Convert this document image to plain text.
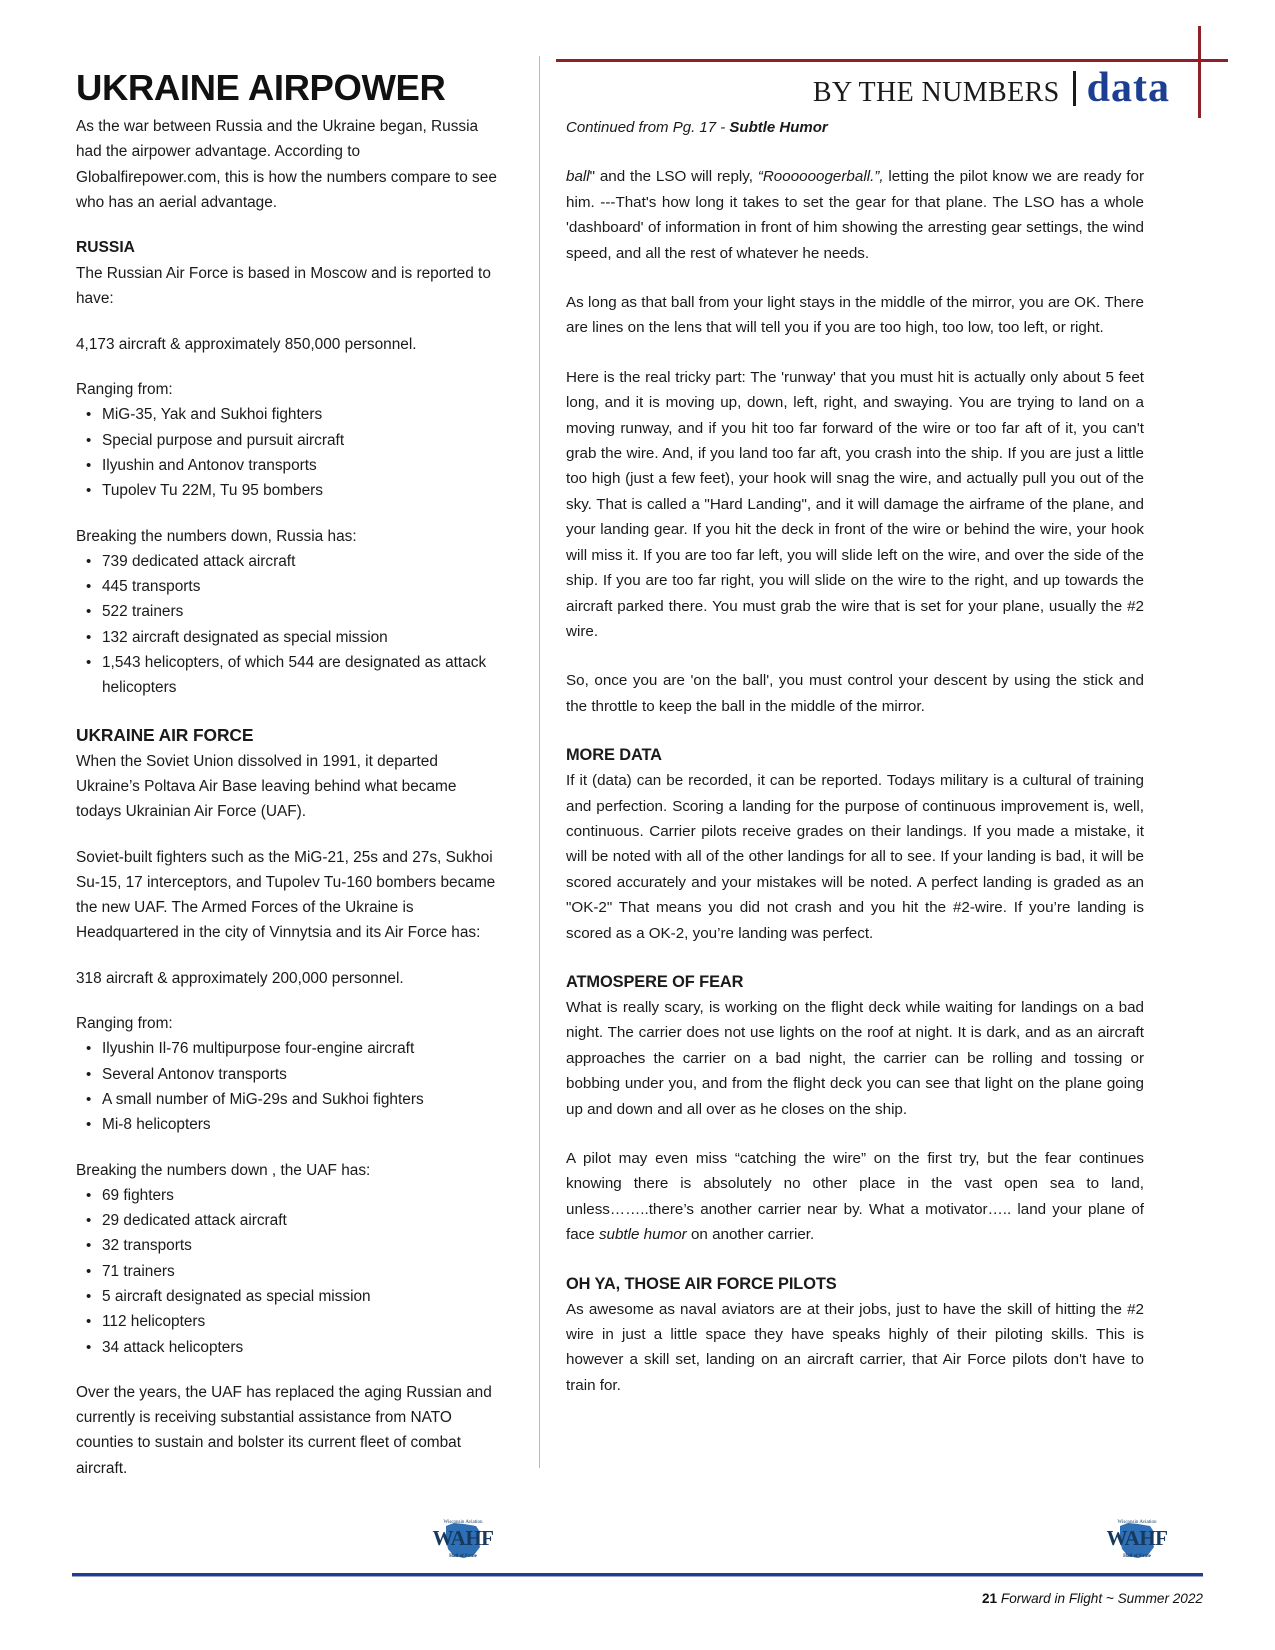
BY THE NUMBERS data
UKRAINE AIRPOWER

As the war between Russia and the Ukraine began, Russia had the airpower advantage. According to Globalfirepower.com, this is how the numbers compare to see who has an aerial advantage.

RUSSIA

The Russian Air Force is based in Moscow and is reported to have:

4,173 aircraft & approximately 850,000 personnel.

Ranging from:

• MiG-35, Yak and Sukhoi fighters
• Special purpose and pursuit aircraft
• Ilyushin and Antonov transports
• Tupolev Tu 22M, Tu 95 bombers

Breaking the numbers down, Russia has:

• 739 dedicated attack aircraft
• 445 transports
• 522 trainers
• 132 aircraft designated as special mission
• 1,543 helicopters, of which 544 are designated as attack helicopters

UKRAINE AIR FORCE

When the Soviet Union dissolved in 1991, it departed Ukraine’s Poltava Air Base leaving behind what became todays Ukrainian Air Force (UAF).

Soviet-built fighters such as the MiG-21, 25s and 27s, Sukhoi Su-15, 17 interceptors, and Tupolev Tu-160 bombers became the new UAF. The Armed Forces of the Ukraine is Headquartered in the city of Vinnytsia and its Air Force has:

318 aircraft & approximately 200,000 personnel.

Ranging from:

• Ilyushin Il-76 multipurpose four-engine aircraft
• Several Antonov transports
• A small number of MiG-29s and Sukhoi fighters
• Mi-8 helicopters

Breaking the numbers down , the UAF has:

• 69 fighters
• 29 dedicated attack aircraft
• 32 transports
• 71 trainers
• 5 aircraft designated as special mission
• 112 helicopters
• 34 attack helicopters

Over the years, the UAF has replaced the aging Russian and currently is receiving substantial assistance from NATO counties to sustain and bolster its current fleet of combat aircraft.

Continued from Pg. 17 - Subtle Humor

ball" and the LSO will reply, “Roooooogerball.”, letting the pilot know we are ready for him. ---That's how long it takes to set the gear for that plane. The LSO has a whole 'dashboard' of information in front of him showing the arresting gear settings, the wind speed, and all the rest of whatever he needs.

As long as that ball from your light stays in the middle of the mirror, you are OK. There are lines on the lens that will tell you if you are too high, too low, too left, or right.

Here is the real tricky part: The 'runway' that you must hit is actually only about 5 feet long, and it is moving up, down, left, right, and swaying. You are trying to land on a moving runway, and if you hit too far forward of the wire or too far aft of it, you can't grab the wire. And, if you land too far aft, you crash into the ship. If you are just a little too high (just a few feet), your hook will snag the wire, and actually pull you out of the sky. That is called a "Hard Landing", and it will damage the airframe of the plane, and your landing gear. If you hit the deck in front of the wire or behind the wire, your hook will miss it. If you are too far left, you will slide left on the wire, and over the side of the ship. If you are too far right, you will slide on the wire to the right, and up towards the aircraft parked there. You must grab the wire that is set for your plane, usually the #2 wire.

So, once you are 'on the ball', you must control your descent by using the stick and the throttle to keep the ball in the middle of the mirror.

MORE DATA

If it (data) can be recorded, it can be reported. Todays military is a cultural of training and perfection. Scoring a landing for the purpose of continuous improvement is, well, continuous. Carrier pilots receive grades on their landings. If you made a mistake, it will be noted with all of the other landings for all to see. If your landing is bad, it will be scored accurately and your mistakes will be noted. A perfect landing is graded as an "OK-2" That means you did not crash and you hit the #2-wire. If you’re landing is scored as a OK-2, you’re landing was perfect.

ATMOSPERE OF FEAR

What is really scary, is working on the flight deck while waiting for landings on a bad night. The carrier does not use lights on the roof at night. It is dark, and as an aircraft approaches the carrier on a bad night, the carrier can be rolling and tossing or bobbing under you, and from the flight deck you can see that light on the plane going up and down and all over as he closes on the ship.

A pilot may even miss “catching the wire” on the first try, but the fear continues knowing there is absolutely no other place in the vast open sea to land, unless……..there’s another carrier near by. What a motivator….. land your plane of face subtle humor on another carrier.

OH YA, THOSE AIR FORCE PILOTS

As awesome as naval aviators are at their jobs, just to have the skill of hitting the #2 wire in just a little space they have speaks highly of their piloting skills. This is however a skill set, landing on an aircraft carrier, that Air Force pilots don't have to train for.

Wisconsin Aviation
WAHF
Hall of Fame
Wisconsin Aviation
WAHF
Hall of Fame
21 Forward in Flight ~ Summer 2022
